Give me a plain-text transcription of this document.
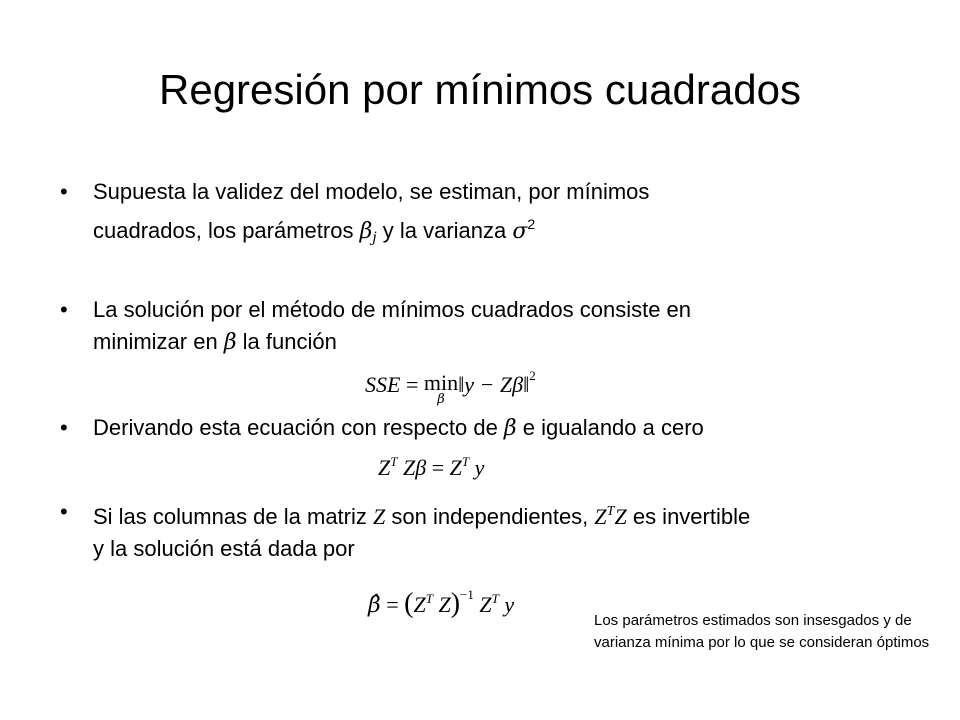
Regresión por mínimos cuadrados
• Supuesta la validez del modelo, se estiman, por mínimos
cuadrados, los parámetros $\beta_j$ y la varianza $\sigma^2$
• La solución por el método de mínimos cuadrados consiste en
minimizar en β la función
SSE = min
β
‖y − Zβ‖$^2$
• Derivando esta ecuación con respecto de β e igualando a cero
$Z^T$ $Z\beta = Z^T$ y
• Si las columnas de la matriz Z son independientes, $Z^TZ$ es invertible
y la solución está dada por
β̂ = ($Z^T$ Z)$^{-1}$ $Z^T$ y
Los parámetros estimados son insesgados y de varianza mínima por lo que se consideran óptimos
